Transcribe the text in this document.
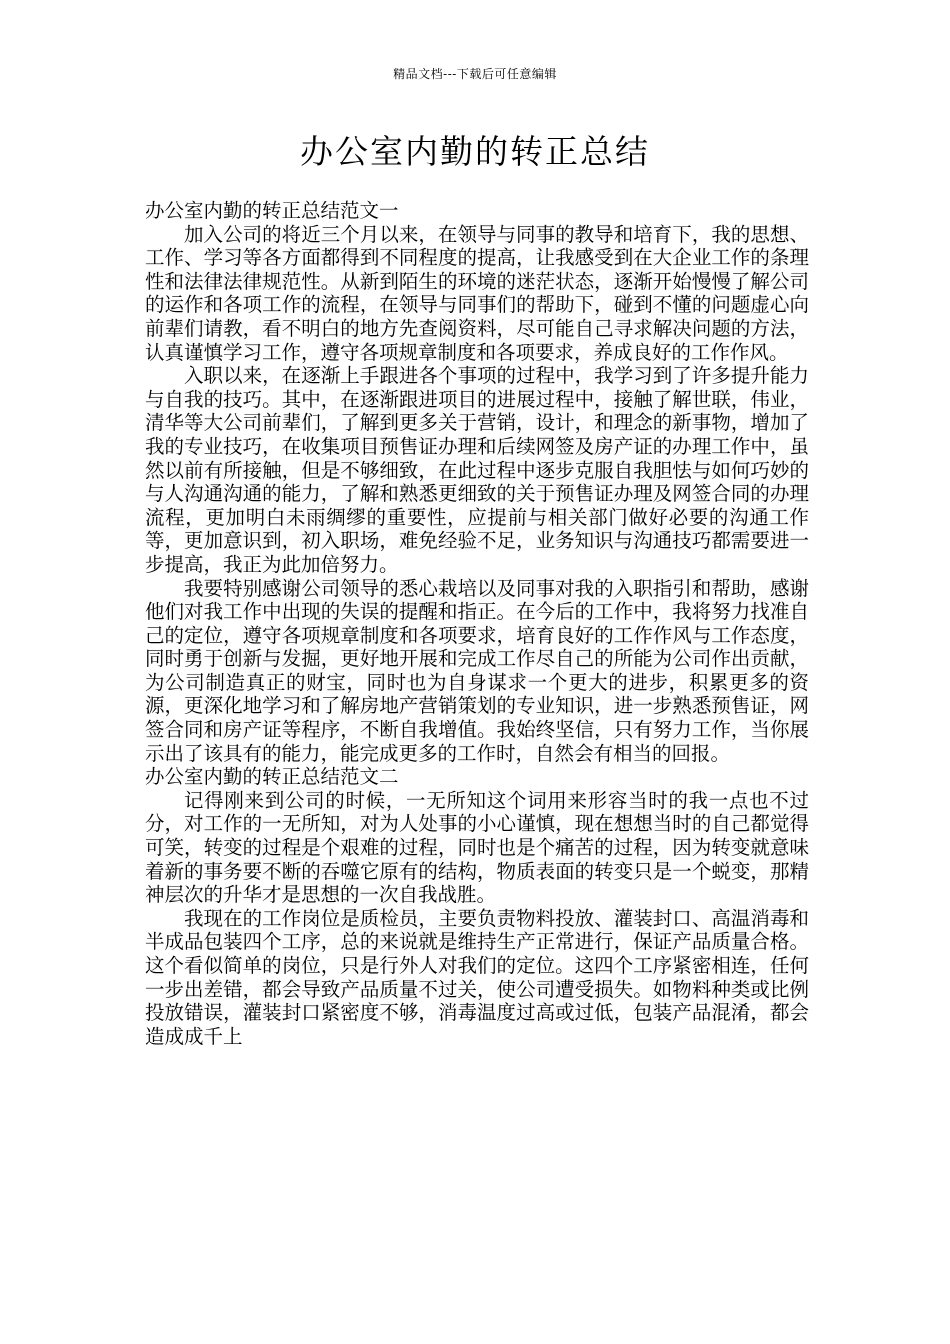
精品文档---下载后可任意编辑
办公室内勤的转正总结

办公室内勤的转正总结范文一

加入公司的将近三个月以来，在领导与同事的教导和培育下，我的思想、工作、学习等各方面都得到不同程度的提高，让我感受到在大企业工作的条理性和法律法律规范性。从新到陌生的环境的迷茫状态，逐渐开始慢慢了解公司的运作和各项工作的流程，在领导与同事们的帮助下，碰到不懂的问题虚心向前辈们请教，看不明白的地方先查阅资料，尽可能自己寻求解决问题的方法，认真谨慎学习工作，遵守各项规章制度和各项要求，养成良好的工作作风。

入职以来，在逐渐上手跟进各个事项的过程中，我学习到了许多提升能力与自我的技巧。其中，在逐渐跟进项目的进展过程中，接触了解世联，伟业，清华等大公司前辈们，了解到更多关于营销，设计，和理念的新事物，增加了我的专业技巧，在收集项目预售证办理和后续网签及房产证的办理工作中，虽然以前有所接触，但是不够细致，在此过程中逐步克服自我胆怯与如何巧妙的与人沟通沟通的能力，了解和熟悉更细致的关于预售证办理及网签合同的办理流程，更加明白未雨绸缪的重要性，应提前与相关部门做好必要的沟通工作等，更加意识到，初入职场，难免经验不足，业务知识与沟通技巧都需要进一步提高，我正为此加倍努力。

我要特别感谢公司领导的悉心栽培以及同事对我的入职指引和帮助，感谢他们对我工作中出现的失误的提醒和指正。在今后的工作中，我将努力找准自己的定位，遵守各项规章制度和各项要求，培育良好的工作作风与工作态度，同时勇于创新与发掘，更好地开展和完成工作尽自己的所能为公司作出贡献，为公司制造真正的财宝，同时也为自身谋求一个更大的进步，积累更多的资源，更深化地学习和了解房地产营销策划的专业知识，进一步熟悉预售证，网签合同和房产证等程序，不断自我增值。我始终坚信，只有努力工作，当你展示出了该具有的能力，能完成更多的工作时，自然会有相当的回报。

办公室内勤的转正总结范文二

记得刚来到公司的时候，一无所知这个词用来形容当时的我一点也不过分，对工作的一无所知，对为人处事的小心谨慎，现在想想当时的自己都觉得可笑，转变的过程是个艰难的过程，同时也是个痛苦的过程，因为转变就意味着新的事务要不断的吞噬它原有的结构，物质表面的转变只是一个蜕变，那精神层次的升华才是思想的一次自我战胜。

我现在的工作岗位是质检员，主要负责物料投放、灌装封口、高温消毒和半成品包装四个工序，总的来说就是维持生产正常进行，保证产品质量合格。这个看似简单的岗位，只是行外人对我们的定位。这四个工序紧密相连，任何一步出差错，都会导致产品质量不过关，使公司遭受损失。如物料种类或比例投放错误，灌装封口紧密度不够，消毒温度过高或过低，包装产品混淆，都会造成成千上
